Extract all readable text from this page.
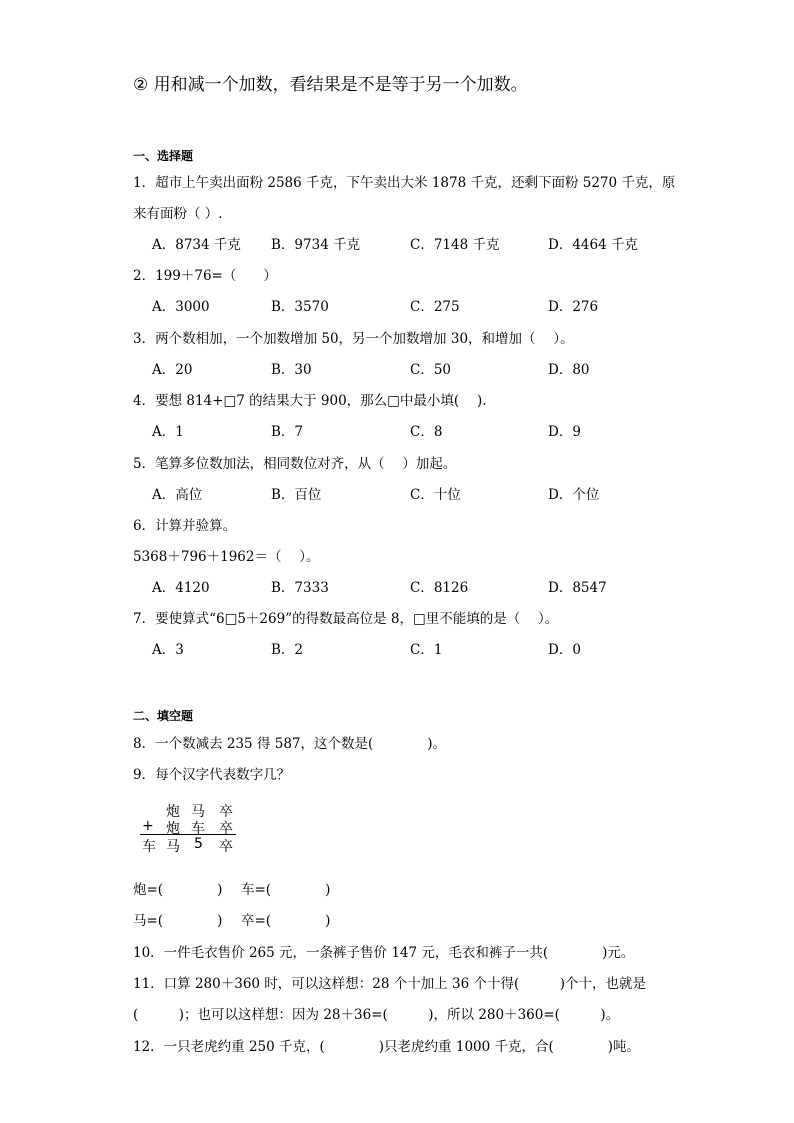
② 用和减一个加数，看结果是不是等于另一个加数。
一、选择题
1．超市上午卖出面粉 2586 千克，下午卖出大米 1878 千克，还剩下面粉 5270 千克，原
来有面粉（ ）.
A．8734 千克 B．9734 千克	C．7148 千克	D．4464 千克
2．199＋76=（　　）
A．3000	B．3570	C．275	D．276
3．两个数相加，一个加数增加 50，另一个加数增加 30，和增加（　 ）。
A．20	B．30	C．50	D．80
4．要想 814+□7 的结果大于 900，那么□中最小填(　 ).
A．1	B．7	C．8	D．9
5．笔算多位数加法，相同数位对齐，从（　 ）加起。
A．高位	B．百位	C．十位	D．个位
6．计算并验算。
5368＋796＋1962＝（　 ）。
A．4120	B．7333	C．8126	D．8547
7．要使算式“6□5＋269”的得数最高位是 8，□里不能填的是（　 ）。
A．3	B．2	C．1	D．0
二、填空题
8．一个数减去 235 得 587，这个数是(　　　　)。
9．每个汉字代表数字几？
炮 马 卒
+ 炮 车 卒
车 马 5 卒
炮=(　　　　) 车=(　　　　)
马=(　　　　) 卒=(　　　　)
10．一件毛衣售价 265 元，一条裤子售价 147 元，毛衣和裤子一共(　　　　)元。
11．口算 280＋360 时，可以这样想：28 个十加上 36 个十得(　　　)个十，也就是
(　　　)；也可以这样想：因为 28＋36=(　　　)，所以 280＋360=(　　　)。
12．一只老虎约重 250 千克，(　　　　)只老虎约重 1000 千克，合(　　　　)吨。
